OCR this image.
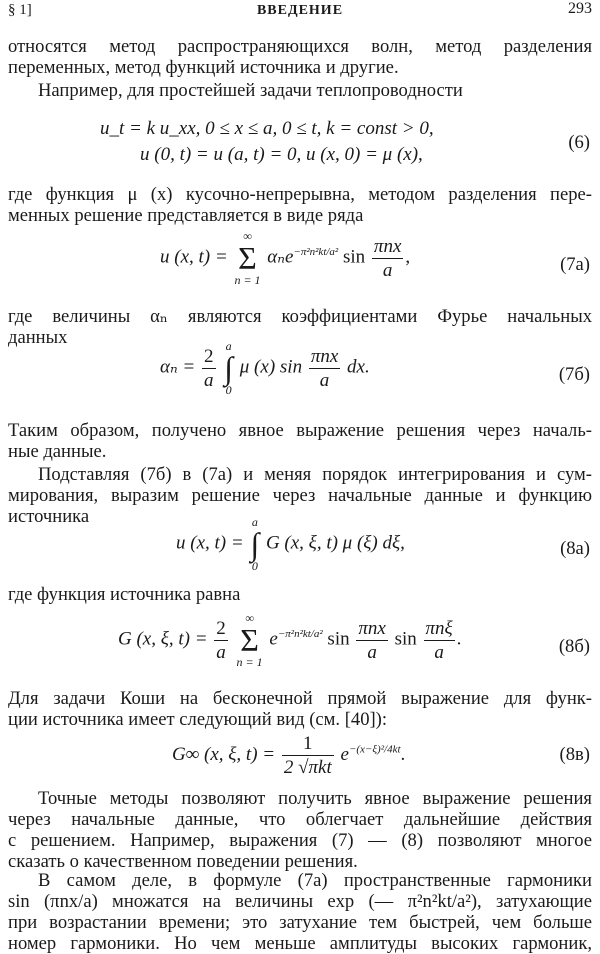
§ 1]	ВВЕДЕНИЕ	293
относятся метод распространяющихся волн, метод разделения
переменных, метод функций источника и другие.
Например, для простейшей задачи теплопроводности
u_t = k u_xx, 0 ≤ x ≤ a, 0 ≤ t, k = const > 0,
u (0, t) = u (a, t) = 0, u (x, 0) = μ (x),
(6)
где функция μ (x) кусочно-непрерывна, методом разделения пере-
менных решение представляется в виде ряда
u (x, t) =
∞
Σ
n = 1
αₙe$^{-\pi^2n^2kt/a^2}$ $\sin \frac{\text{πnx}}{a}$ ,	(7а)
где величины αₙ являются коэффициентами Фурье начальных
данных
$\alpha_n = \frac{2}{a}$

a
∫
0
μ (x) $\sin \frac{\text{πnx}}{a}$ dx.	(7б)
Таким образом, получено явное выражение решения через началь-
ные данные.
Подставляя (7б) в (7а) и меняя порядок интегрирования и сум-
мирования, выразим решение через начальные данные и функцию
источника
u (x, t) =
a
∫
0
G (x, ξ, t) μ (ξ) dξ,	(8а)
где функция источника равна
G (x, ξ, $t) = \frac{2}{a}$

∞
Σ
n = 1
$e^{-\pi^2n^2kt/a^2}$ $\sin \frac{\text{πnx}}{a}$ $\sin \frac{\text{πnξ}}{a}$ .	(8б)
Для задачи Коши на бесконечной прямой выражение для функ-
ции источника имеет следующий вид (см. [40]):
G∞ (x, ξ, $t) = \frac{1}{\text{2 √πkt}} e^{-(x-\xi)^2/4kt}$.	(8в)
Точные методы позволяют получить явное выражение решения
через начальные данные, что облегчает дальнейшие действия
с решением. Например, выражения (7) — (8) позволяют многое
сказать о качественном поведении решения.
В самом деле, в формуле (7а) пространственные гармоники
sin (πnx/a) множатся на величины exp (— π²n²kt/a²), затухающие
при возрастании времени; это затухание тем быстрей, чем больше
номер гармоники. Но чем меньше амплитуды высоких гармоник,
